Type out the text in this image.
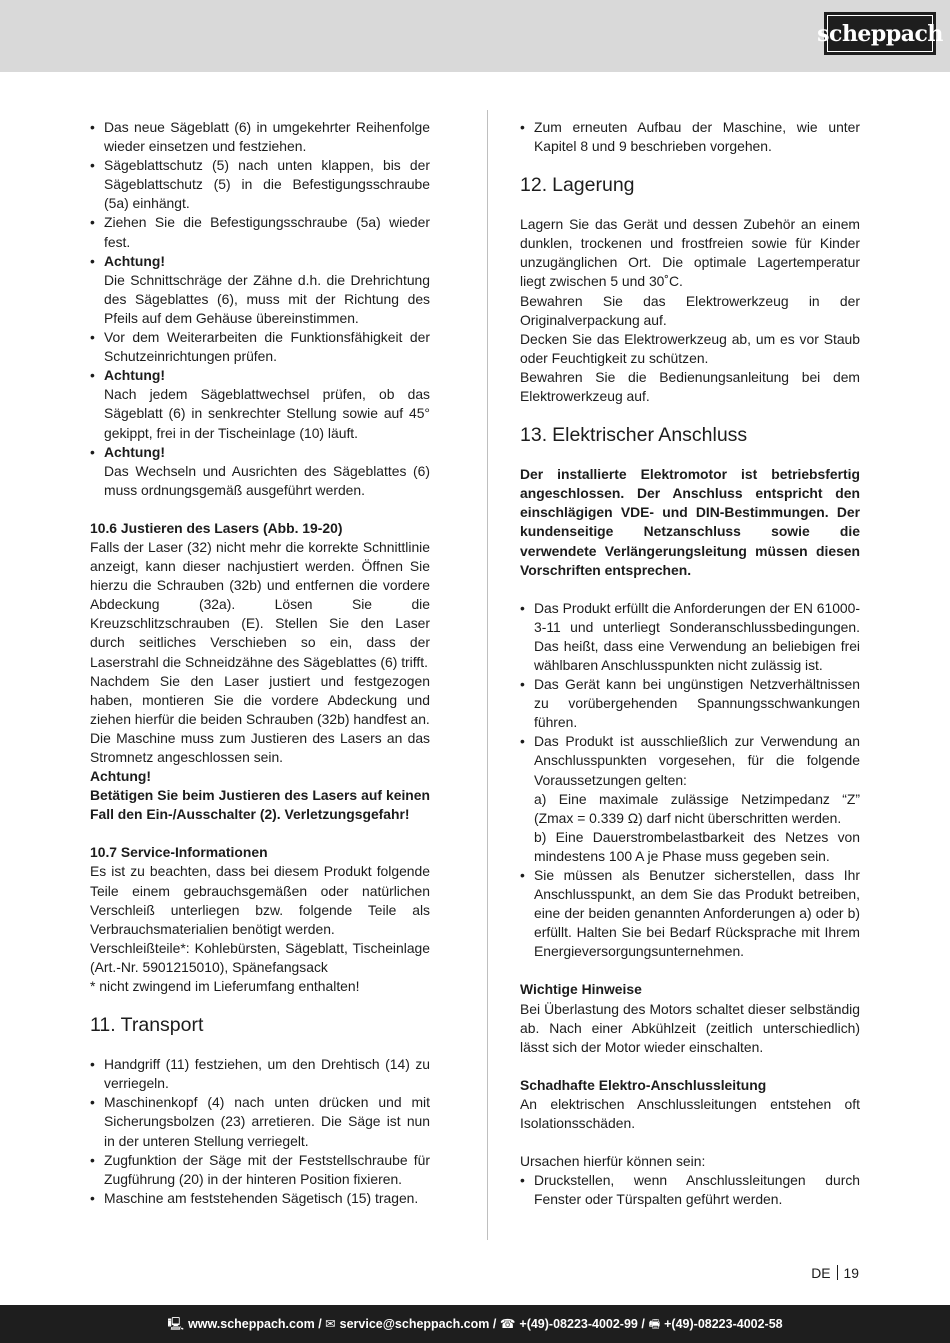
scheppach
• Das neue Sägeblatt (6) in umgekehrter Reihenfolge wieder einsetzen und festziehen.
• Sägeblattschutz (5) nach unten klappen, bis der Sägeblattschutz (5) in die Befestigungsschraube (5a) einhängt.
• Ziehen Sie die Befestigungsschraube (5a) wieder fest.
• Achtung!
Die Schnittschräge der Zähne d.h. die Drehrichtung des Sägeblattes (6), muss mit der Richtung des Pfeils auf dem Gehäuse übereinstimmen.
• Vor dem Weiterarbeiten die Funktionsfähigkeit der Schutzeinrichtungen prüfen.
• Achtung!
Nach jedem Sägeblattwechsel prüfen, ob das Sägeblatt (6) in senkrechter Stellung sowie auf 45° gekippt, frei in der Tischeinlage (10) läuft.
• Achtung!
Das Wechseln und Ausrichten des Sägeblattes (6) muss ordnungsgemäß ausgeführt werden.
10.6 Justieren des Lasers (Abb. 19-20)

Falls der Laser (32) nicht mehr die korrekte Schnittlinie anzeigt, kann dieser nachjustiert werden. Öffnen Sie hierzu die Schrauben (32b) und entfernen die vordere Abdeckung (32a). Lösen Sie die Kreuzschlitzschrauben (E). Stellen Sie den Laser durch seitliches Verschieben so ein, dass der Laserstrahl die Schneidzähne des Sägeblattes (6) trifft.

Nachdem Sie den Laser justiert und festgezogen haben, montieren Sie die vordere Abdeckung und ziehen hierfür die beiden Schrauben (32b) handfest an.

Die Maschine muss zum Justieren des Lasers an das Stromnetz angeschlossen sein.

Achtung!

Betätigen Sie beim Justieren des Lasers auf keinen Fall den Ein-/Ausschalter (2). Verletzungsgefahr!

10.7 Service-Informationen

Es ist zu beachten, dass bei diesem Produkt folgende Teile einem gebrauchsgemäßen oder natürlichen Verschleiß unterliegen bzw. folgende Teile als Verbrauchsmaterialien benötigt werden.

Verschleißteile*: Kohlebürsten, Sägeblatt, Tischeinlage (Art.-Nr. 5901215010), Spänefangsack

* nicht zwingend im Lieferumfang enthalten!

11. Transport
• Handgriff (11) festziehen, um den Drehtisch (14) zu verriegeln.
• Maschinenkopf (4) nach unten drücken und mit Sicherungsbolzen (23) arretieren. Die Säge ist nun in der unteren Stellung verriegelt.
• Zugfunktion der Säge mit der Feststellschraube für Zugführung (20) in der hinteren Position fixieren.
• Maschine am feststehenden Sägetisch (15) tragen.
• Zum erneuten Aufbau der Maschine, wie unter Kapitel 8 und 9 beschrieben vorgehen.
12. Lagerung

Lagern Sie das Gerät und dessen Zubehör an einem dunklen, trockenen und frostfreien sowie für Kinder unzugänglichen Ort. Die optimale Lagertemperatur liegt zwischen 5 und 30˚C.

Bewahren Sie das Elektrowerkzeug in der Originalverpackung auf.

Decken Sie das Elektrowerkzeug ab, um es vor Staub oder Feuchtigkeit zu schützen.

Bewahren Sie die Bedienungsanleitung bei dem Elektrowerkzeug auf.

13. Elektrischer Anschluss

Der installierte Elektromotor ist betriebsfertig angeschlossen. Der Anschluss entspricht den einschlägigen VDE- und DIN-Bestimmungen. Der kundenseitige Netzanschluss sowie die verwendete Verlängerungsleitung müssen diesen Vorschriften entsprechen.

• Das Produkt erfüllt die Anforderungen der EN 61000-3-11 und unterliegt Sonderanschlussbedingungen. Das heißt, dass eine Verwendung an beliebigen frei wählbaren Anschlusspunkten nicht zulässig ist.
• Das Gerät kann bei ungünstigen Netzverhältnissen zu vorübergehenden Spannungsschwankungen führen.
• Das Produkt ist ausschließlich zur Verwendung an Anschlusspunkten vorgesehen, für die folgende Voraussetzungen gelten:
a) Eine maximale zulässige Netzimpedanz “Z” (Zmax = 0.339 Ω) darf nicht überschritten werden.
b) Eine Dauerstrombelastbarkeit des Netzes von mindestens 100 A je Phase muss gegeben sein.
• Sie müssen als Benutzer sicherstellen, dass Ihr Anschlusspunkt, an dem Sie das Produkt betreiben, eine der beiden genannten Anforderungen a) oder b) erfüllt. Halten Sie bei Bedarf Rücksprache mit Ihrem Energieversorgungsunternehmen.
Wichtige Hinweise

Bei Überlastung des Motors schaltet dieser selbständig ab. Nach einer Abkühlzeit (zeitlich unterschiedlich) lässt sich der Motor wieder einschalten.

Schadhafte Elektro-Anschlussleitung

An elektrischen Anschlussleitungen entstehen oft Isolationsschäden.

Ursachen hierfür können sein:

• Druckstellen, wenn Anschlussleitungen durch Fenster oder Türspalten geführt werden.
DE 19
🖳 www.scheppach.com / ✉ service@scheppach.com / ☎ +(49)-08223-4002-99 / 🖷 +(49)-08223-4002-58
